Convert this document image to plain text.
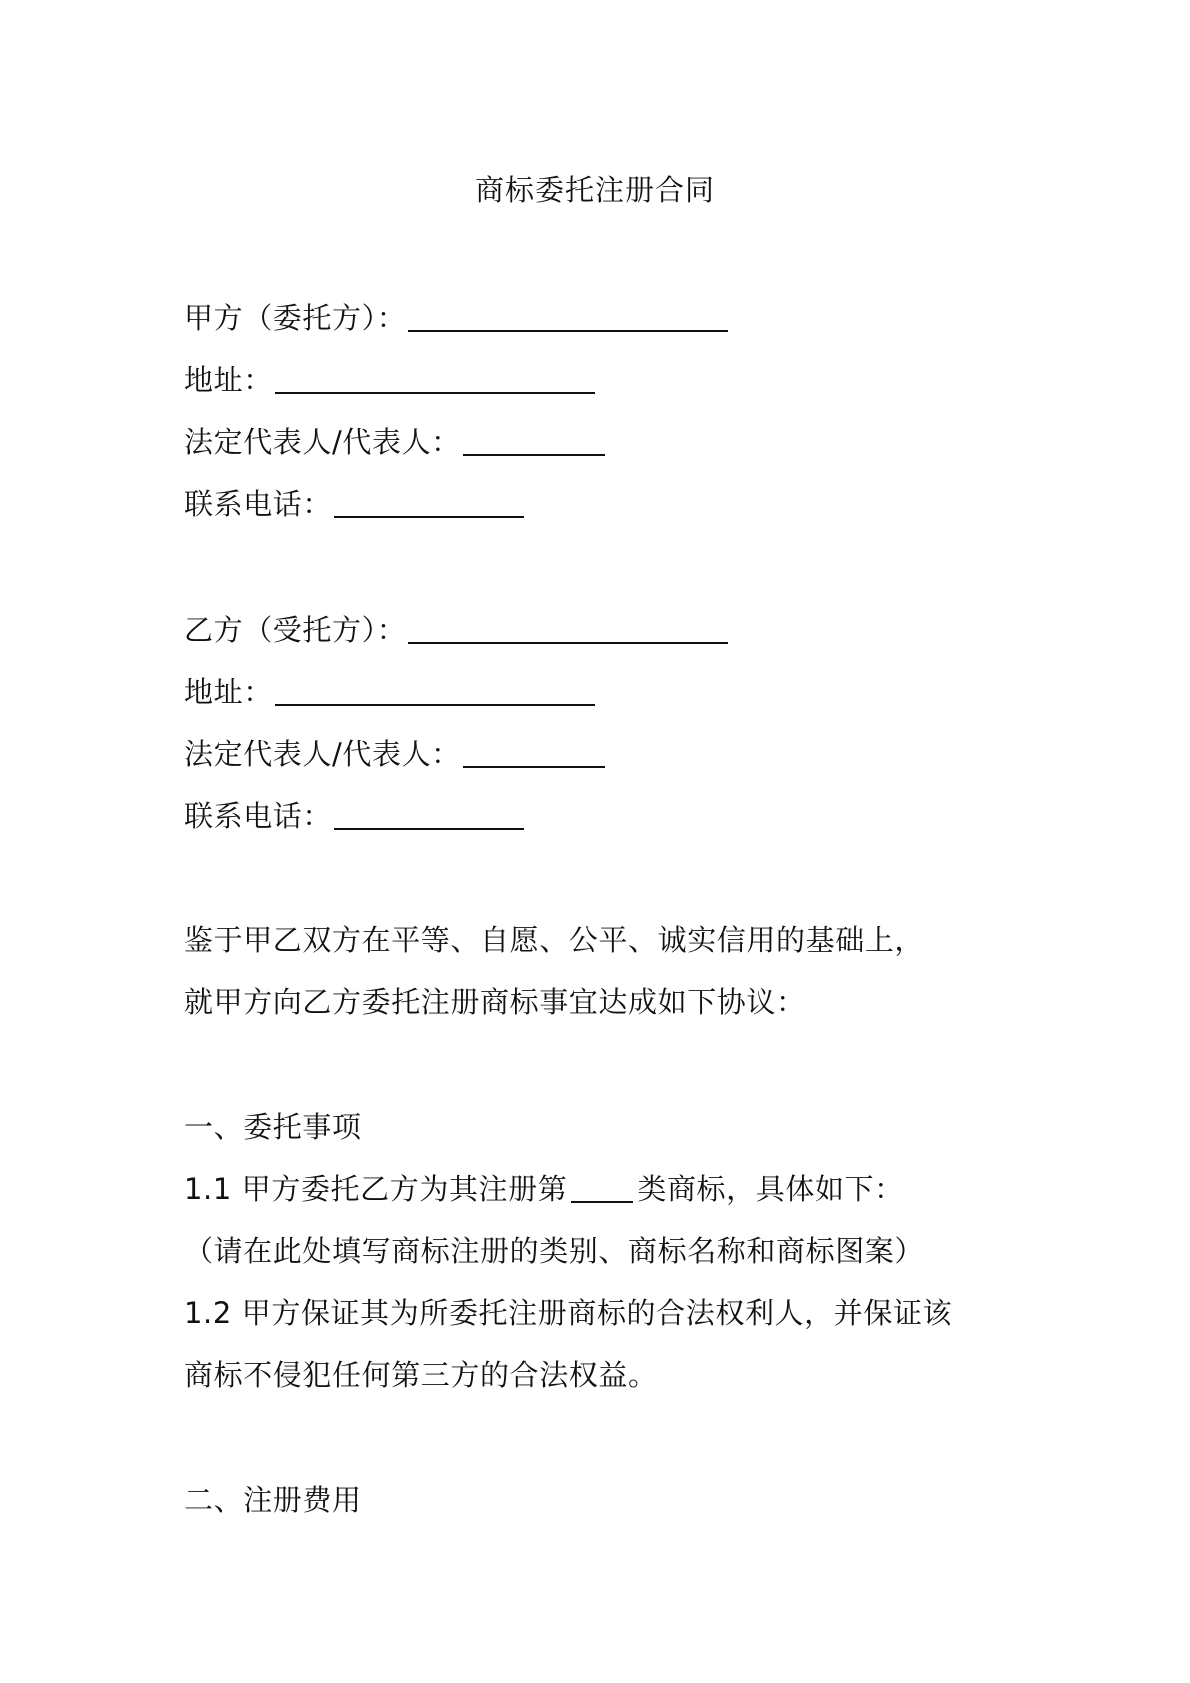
商标委托注册合同
甲方（委托方）：
地址：
法定代表人/代表人：
联系电话：
乙方（受托方）：
地址：
法定代表人/代表人：
联系电话：
鉴于甲乙双方在平等、自愿、公平、诚实信用的基础上，
就甲方向乙方委托注册商标事宜达成如下协议：
一、委托事项
1.1 甲方委托乙方为其注册第 类商标，具体如下：
（请在此处填写商标注册的类别、商标名称和商标图案）
1.2 甲方保证其为所委托注册商标的合法权利人，并保证该
商标不侵犯任何第三方的合法权益。
二、注册费用
